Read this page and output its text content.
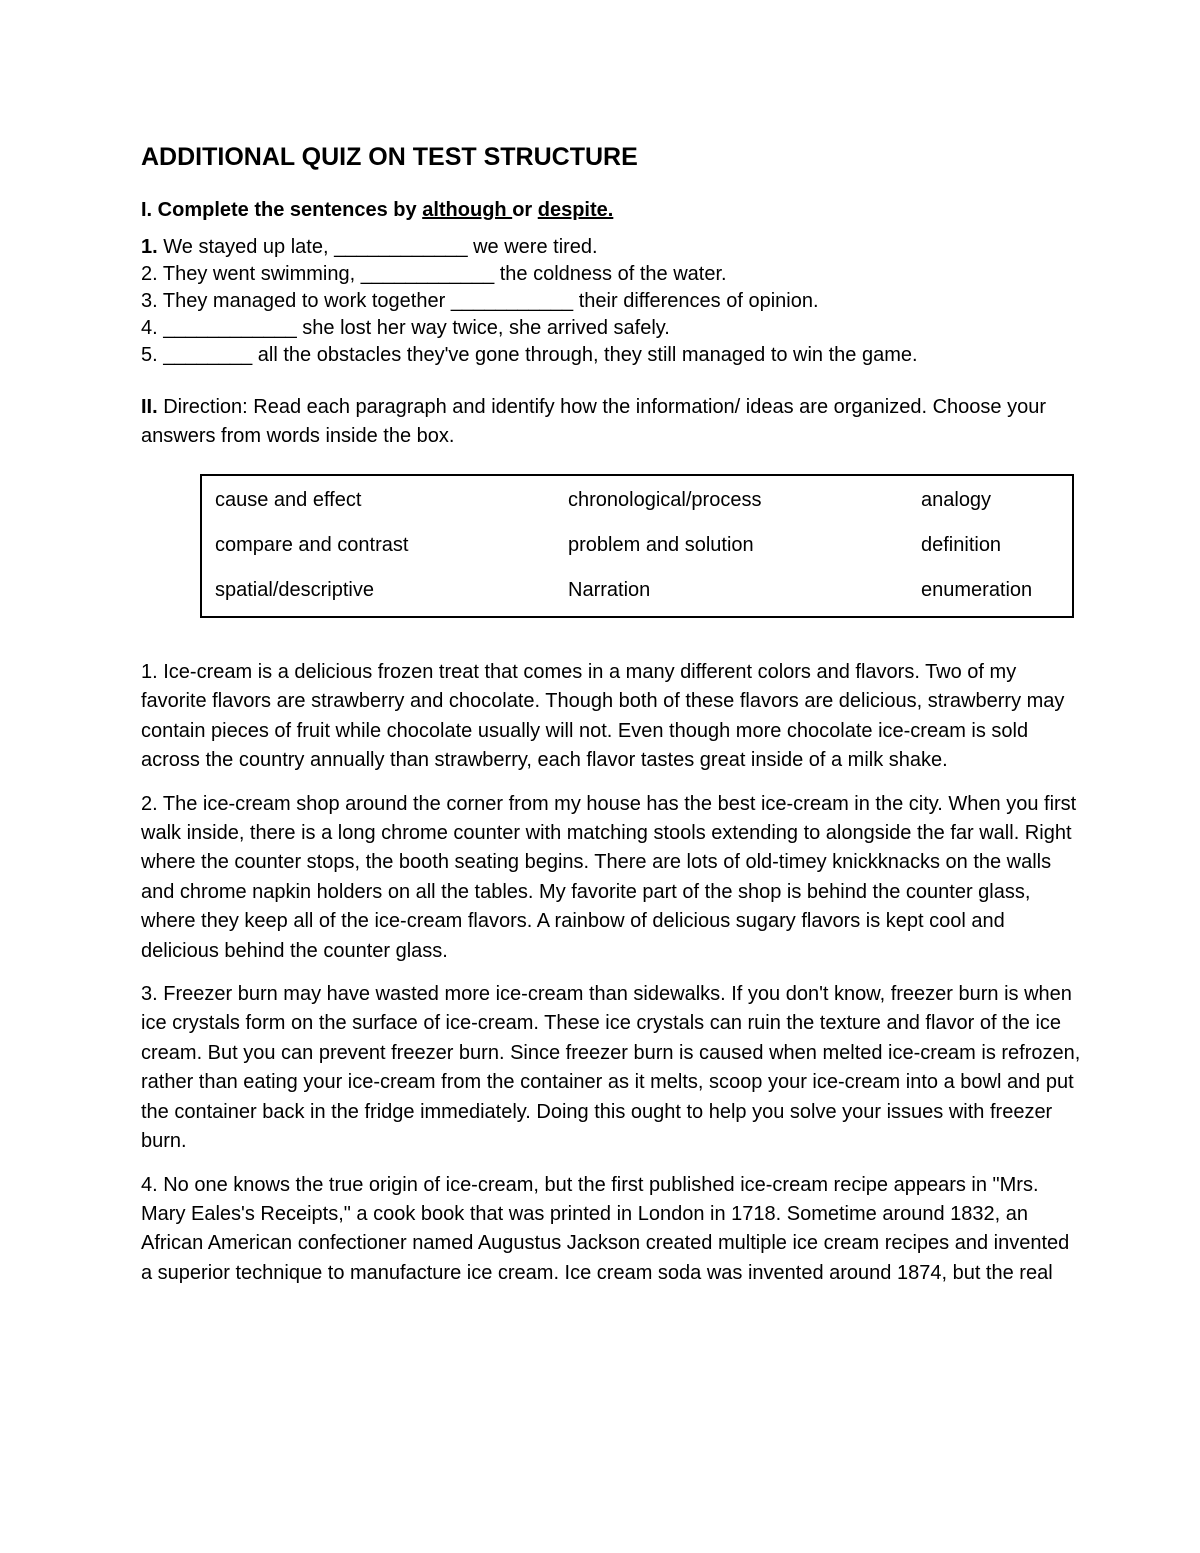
ADDITIONAL QUIZ ON TEST STRUCTURE
I. Complete the sentences by although or despite.
1. We stayed up late, ____________ we were tired.
2. They went swimming, ____________ the coldness of the water.
3. They managed to work together ___________ their differences of opinion.
4. ____________ she lost her way twice, she arrived safely.
5. ________ all the obstacles they've gone through, they still managed to win the game.
II. Direction: Read each paragraph and identify how the information/ ideas are organized. Choose your answers from words inside the box.
cause and effect	chronological/process	analogy
compare and contrast	problem and solution	definition
spatial/descriptive	Narration	enumeration
1. Ice-cream is a delicious frozen treat that comes in a many different colors and flavors. Two of my favorite flavors are strawberry and chocolate. Though both of these flavors are delicious, strawberry may contain pieces of fruit while chocolate usually will not. Even though more chocolate ice-cream is sold across the country annually than strawberry, each flavor tastes great inside of a milk shake.
2. The ice-cream shop around the corner from my house has the best ice-cream in the city. When you first walk inside, there is a long chrome counter with matching stools extending to alongside the far wall. Right where the counter stops, the booth seating begins. There are lots of old-timey knickknacks on the walls and chrome napkin holders on all the tables. My favorite part of the shop is behind the counter glass, where they keep all of the ice-cream flavors. A rainbow of delicious sugary flavors is kept cool and delicious behind the counter glass.
3. Freezer burn may have wasted more ice-cream than sidewalks. If you don't know, freezer burn is when ice crystals form on the surface of ice-cream. These ice crystals can ruin the texture and flavor of the ice cream. But you can prevent freezer burn. Since freezer burn is caused when melted ice-cream is refrozen, rather than eating your ice-cream from the container as it melts, scoop your ice-cream into a bowl and put the container back in the fridge immediately. Doing this ought to help you solve your issues with freezer burn.
4. No one knows the true origin of ice-cream, but the first published ice-cream recipe appears in "Mrs. Mary Eales's Receipts," a cook book that was printed in London in 1718. Sometime around 1832, an African American confectioner named Augustus Jackson created multiple ice cream recipes and invented a superior technique to manufacture ice cream. Ice cream soda was invented around 1874, but the real
